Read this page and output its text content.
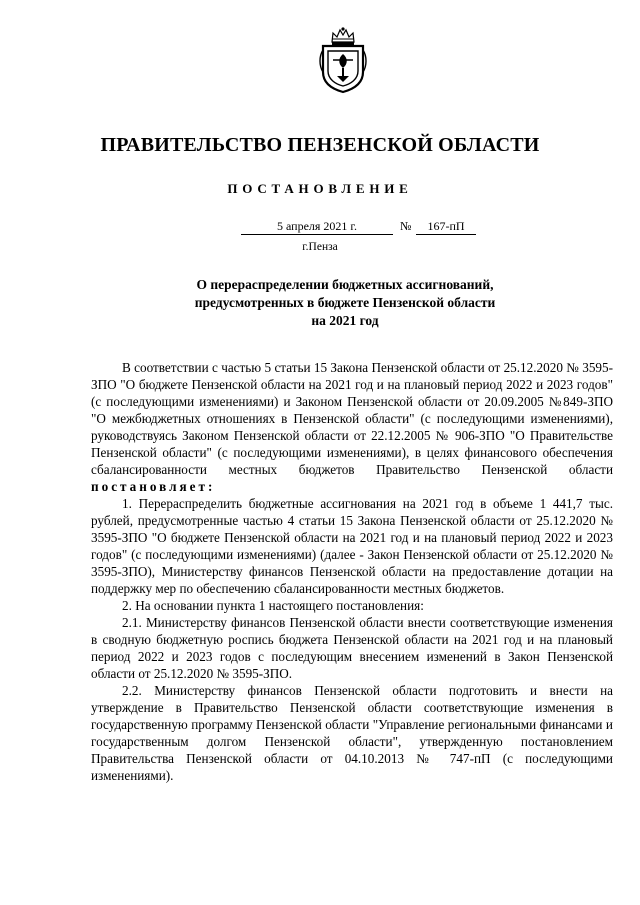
ПРАВИТЕЛЬСТВО ПЕНЗЕНСКОЙ ОБЛАСТИ
ПОСТАНОВЛЕНИЕ
5 апреля 2021 г.	№	167-пП
г.Пенза
О перераспределении бюджетных ассигнований,
предусмотренных в бюджете Пензенской области
на 2021 год

В соответствии с частью 5 статьи 15 Закона Пензенской области от 25.12.2020 № 3595-ЗПО "О бюджете Пензенской области на 2021 год и на плановый период 2022 и 2023 годов" (с последующими изменениями) и Законом Пензенской области от 20.09.2005 №849-ЗПО "О межбюджетных отношениях в Пензенской области" (с последующими изменениями), руководствуясь Законом Пензенской области от 22.12.2005 № 906-ЗПО "О Правительстве Пензенской области" (с последующими изменениями), в целях финансового обеспечения сбалансированности местных бюджетов Правительство Пензенской области постановляет:

1. Перераспределить бюджетные ассигнования на 2021 год в объеме 1 441,7 тыс. рублей, предусмотренные частью 4 статьи 15 Закона Пензенской области от 25.12.2020 № 3595-ЗПО "О бюджете Пензенской области на 2021 год и на плановый период 2022 и 2023 годов" (с последующими изменениями) (далее - Закон Пензенской области от 25.12.2020 № 3595-ЗПО), Министерству финансов Пензенской области на предоставление дотации на поддержку мер по обеспечению сбалансированности местных бюджетов.

2. На основании пункта 1 настоящего постановления:

2.1. Министерству финансов Пензенской области внести соответствующие изменения в сводную бюджетную роспись бюджета Пензенской области на 2021 год и на плановый период 2022 и 2023 годов с последующим внесением изменений в Закон Пензенской области от 25.12.2020 № 3595-ЗПО.

2.2. Министерству финансов Пензенской области подготовить и внести на утверждение в Правительство Пензенской области соответствующие изменения в государственную программу Пензенской области "Управление региональными финансами и государственным долгом Пензенской области", утвержденную постановлением Правительства Пензенской области от 04.10.2013 № 747-пП (с последующими изменениями).
